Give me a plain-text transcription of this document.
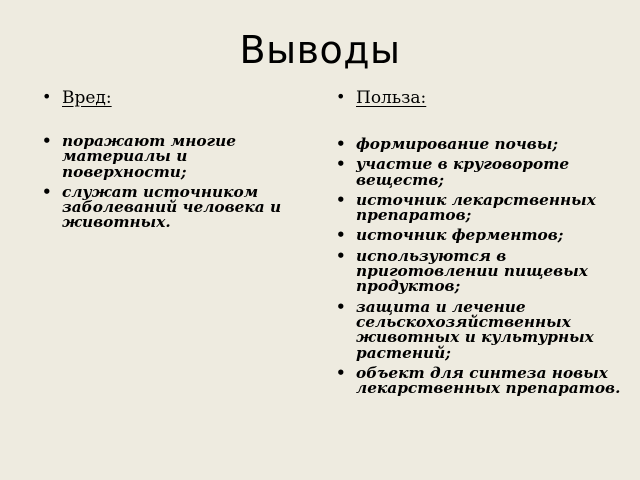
Выводы
• Вред:
• поражают многие материалы и поверхности;
• служат источником заболеваний человека и животных.
• Польза:
• формирование почвы;
• участие в круговороте веществ;
• источник лекарственных препаратов;
• источник ферментов;
• используются в приготовлении пищевых продуктов;
• защита и лечение сельскохозяйственных животных и культурных растений;
• объект для синтеза новых лекарственных препаратов.
